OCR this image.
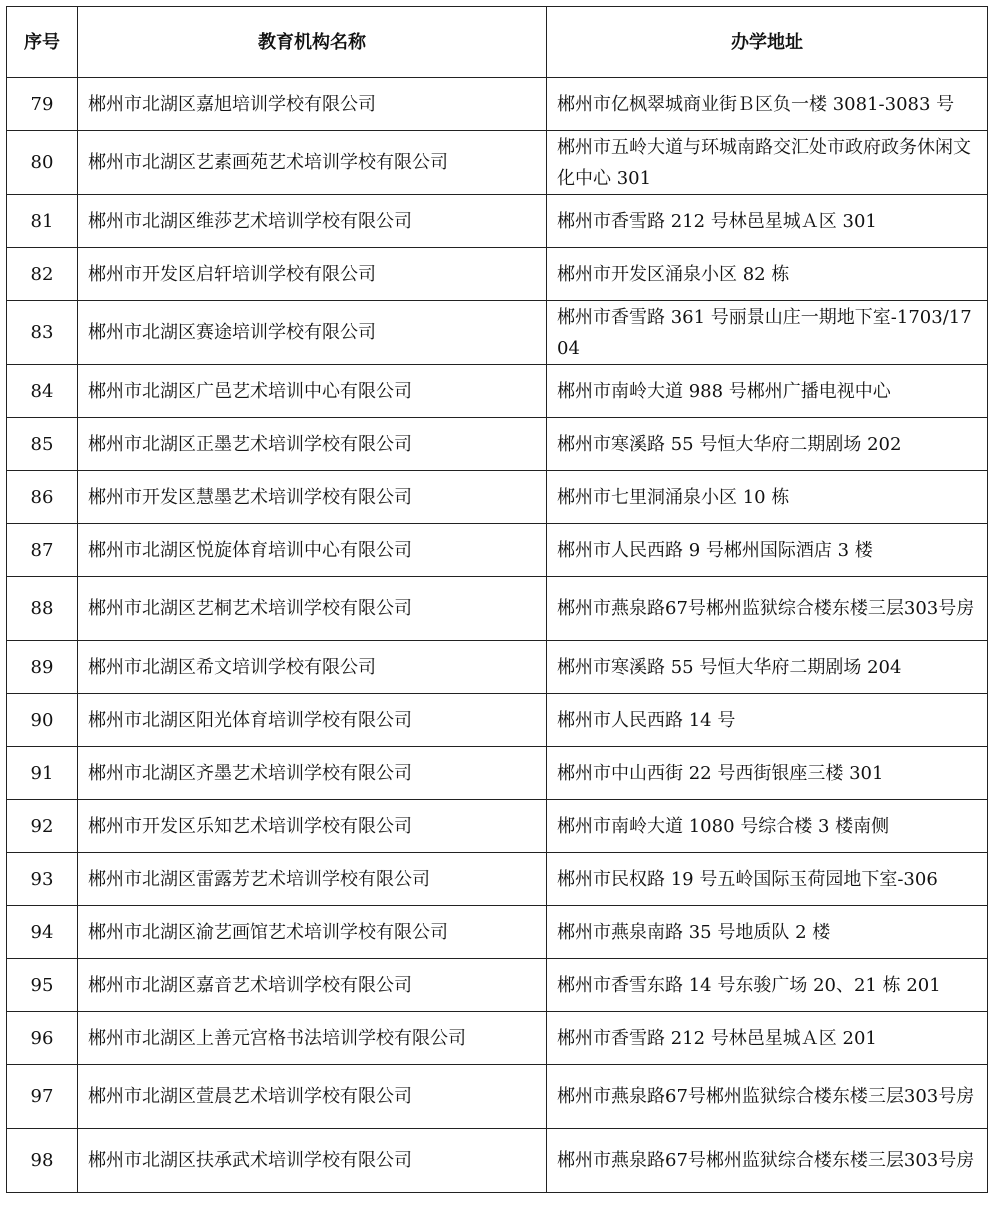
序号	教育机构名称	办学地址
79	郴州市北湖区嘉旭培训学校有限公司	郴州市亿枫翠城商业街Ｂ区负一楼 3081-3083 号
80	郴州市北湖区艺素画苑艺术培训学校有限公司	郴州市五岭大道与环城南路交汇处市政府政务休闲文化中心 301
81	郴州市北湖区维莎艺术培训学校有限公司	郴州市香雪路 212 号林邑星城Ａ区 301
82	郴州市开发区启轩培训学校有限公司	郴州市开发区涌泉小区 82 栋
83	郴州市北湖区赛途培训学校有限公司	郴州市香雪路 361 号丽景山庄一期地下室-1703/1704
84	郴州市北湖区广邑艺术培训中心有限公司	郴州市南岭大道 988 号郴州广播电视中心
85	郴州市北湖区正墨艺术培训学校有限公司	郴州市寒溪路 55 号恒大华府二期剧场 202
86	郴州市开发区慧墨艺术培训学校有限公司	郴州市七里洞涌泉小区 10 栋
87	郴州市北湖区悦旋体育培训中心有限公司	郴州市人民西路 9 号郴州国际酒店 3 楼
88	郴州市北湖区艺桐艺术培训学校有限公司	郴州市燕泉路67号郴州监狱综合楼东楼三层303号房
89	郴州市北湖区希文培训学校有限公司	郴州市寒溪路 55 号恒大华府二期剧场 204
90	郴州市北湖区阳光体育培训学校有限公司	郴州市人民西路 14 号
91	郴州市北湖区齐墨艺术培训学校有限公司	郴州市中山西街 22 号西街银座三楼 301
92	郴州市开发区乐知艺术培训学校有限公司	郴州市南岭大道 1080 号综合楼 3 楼南侧
93	郴州市北湖区雷露芳艺术培训学校有限公司	郴州市民权路 19 号五岭国际玉荷园地下室-306
94	郴州市北湖区渝艺画馆艺术培训学校有限公司	郴州市燕泉南路 35 号地质队 2 楼
95	郴州市北湖区嘉音艺术培训学校有限公司	郴州市香雪东路 14 号东骏广场 20、21 栋 201
96	郴州市北湖区上善元宫格书法培训学校有限公司	郴州市香雪路 212 号林邑星城Ａ区 201
97	郴州市北湖区萱晨艺术培训学校有限公司	郴州市燕泉路67号郴州监狱综合楼东楼三层303号房
98	郴州市北湖区扶承武术培训学校有限公司	郴州市燕泉路67号郴州监狱综合楼东楼三层303号房
